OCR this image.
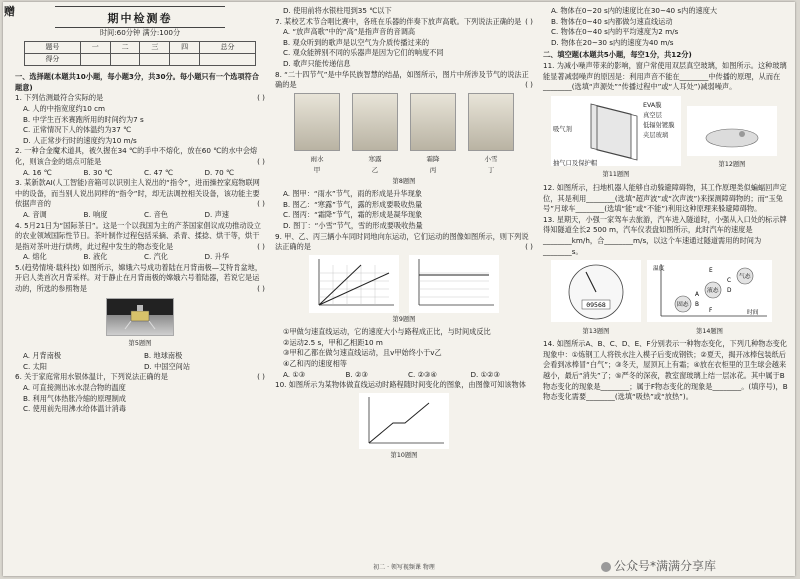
赠
期中检测卷
时间:60分钟 满分:100分
题号	一	二	三	四	总分
得分					
一、选择题(本题共10小题，每小题3分，共30分。每小题只有一个选项符合题意)
( )
1. 下列估测最符合实际的是
A. 人的中指宽度约10 cm
B. 中学生百米赛跑所用的时间约为7 s
C. 正常情况下人的体温约为37 ℃
D. 人正常步行时的速度约为10 m/s
2. 一种合金魔术道具，被久握在34 ℃的手中不熔化，放在60 ℃的水中会熔化，则该合金的熔点可能是	( )
A. 16 ℃	B. 30 ℃	C. 47 ℃	D. 70 ℃
3. 某新款AI(人工智能)音箱可以识别主人说出的“指令”，进而操控家庭物联网中的设备，而当别人说出同样的“指令”时，却无法调控相关设备，该功能主要依据声音的	( )
A. 音调	B. 响度	C. 音色	D. 声速
4. 5月21日为“国际茶日”。这是一个以我国为主的产茶国家倡议成功推动设立的农业领域国际性节日。茶叶制作过程包括采摘、杀青、揉捻、烘干等，烘干是指对茶叶进行烘烤，此过程中发生的物态变化是	( )
A. 熔化	B. 液化	C. 汽化	D. 升华
5.(趋势情境·载科技) 如图所示，嫦娥六号成功着陆在月背南极—艾特肯盆地，开启人类首次月背采样。对于静止在月背南极的嫦娥六号着陆器，若说它是运动的，所选的参照物是	( )
第5题图
A. 月背南极	B. 地球南极
C. 太阳	D. 中国空间站
6. 关于家庭常用水银体温计，下列说法正确的是	( )
A. 可直接测出冰水混合物的温度
B. 利用气体热胀冷缩的原理制成
C. 使用前先用沸水给体温计消毒
D. 使用前将水银柱甩到35 ℃以下
7. 某校艺术节合唱比赛中，各班在乐器的伴奏下放声高歌。下列说法正确的是 ( )
A. “放声高歌”中的“高”是指声音的音调高
B. 观众听到的歌声是以空气为介质传播过来的
C. 观众能辨别不同的乐器声是因为它们的响度不同
D. 歌声只能传递信息
8. “二十四节气”是中华民族智慧的结晶，如图所示，图片中所涉及节气的说法正确的是	( )
雨水
甲
寒露
乙
霜降
丙
小雪
丁
第8题图
A. 图甲：“雨水”节气，雨的形成是升华现象
B. 图乙：“寒露”节气，露的形成要吸收热量
C. 图丙：“霜降”节气，霜的形成是凝华现象
D. 图丁：“小雪”节气，雪的形成要吸收热量
9. 甲、乙、丙三辆小车同时同地向东运动，它们运动的图像如图所示，则下列说法正确的是	( )
第9题图
①甲做匀速直线运动，它的速度大小与路程成正比，与时间成反比
②运动2.5 s，甲和乙相距10 m
③甲和乙都在做匀速直线运动，且v甲始终小于v乙
④乙和丙的速度相等
A. ①③	B. ②③	C. ②③④	D. ①②③
10. 如图所示为某物体做直线运动时路程随时间变化的图象，由图像可知该物体
第10题图
初二 · 领写视频课 物理
A. 物体在0~20 s内的速度比在30~40 s内的速度大
B. 物体在0~40 s内都做匀速直线运动
C. 物体在0~40 s内的平均速度为2 m/s
D. 物体在20~30 s内的速度为40 m/s
二、填空题(本题共5小题，每空1分，共12分)
11. 为减小噪声带来的影响，窗户常使用双层真空玻璃，如图所示。这种玻璃能显著减弱噪声的原因是：利用声音不能在________中传播的原理，从而在________(选填“声源处”“传播过程中”或“人耳处”)减弱噪声。
EVA膜
真空层
低辐射镀膜
夹层玻璃
吸气剂
抽气口及保护帽
第11题图
第12题图
12. 如图所示，扫地机器人能够自动躲避障碍物，其工作原理类似蝙蝠回声定位，其是利用________(选填“超声波”或“次声波”)来探测障碍物的；而“玉兔号”月球车________(选填“能”或“不能”)利用这种原理来躲避障碍物。
13. 星期天，小强一家驾车去旅游，汽车进入隧道时，小强从入口处的标示牌得知隧道全长2 500 m，汽车仪表盘如图所示，此时汽车的速度是________km/h，合________m/s，以这个车速通过隧道需用的时间为________s。
09568
第13题图
温度
时间
固态
液态
气态
A
B
C
D
E
F
第14题图
14. 如图所示A、B、C、D、E、F分别表示一种物态变化，下列几种物态变化现象中：①炼钢工人将铁水注入模子后变成钢铁；②夏天，揭开冰棒包装纸后会看到冰棒冒“白气”；③冬天，屋顶瓦上有霜；④放在衣柜里的卫生球会越来越小，最后“消失”了；⑤严冬的深夜，教室窗玻璃上结一层冰花。其中属于B物态变化的现象是________；属于F物态变化的现象是________。(填序号)，B物态变化需要________(选填“吸热”或“放热”)。
公众号*满满分享库
